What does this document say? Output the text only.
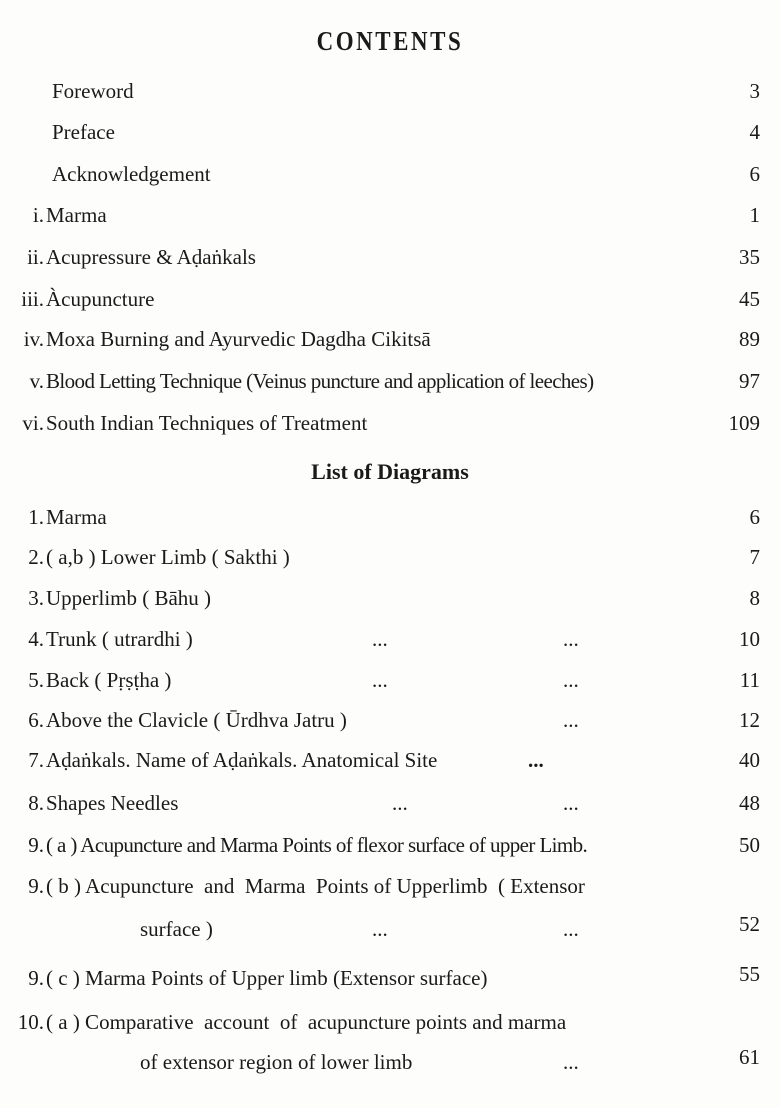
CONTENTS
Foreword	3
Preface	4
Acknowledgement	6
i. Marma	1
ii. Acupressure & Aḍaṅkals	35
iii. Àcupuncture	45
iv. Moxa Burning and Ayurvedic Dagdha Cikitsā	89
v. Blood Letting Technique (Veinus puncture and application of leeches)	97
vi. South Indian Techniques of Treatment	109
List of Diagrams
1. Marma	6
2. ( a,b ) Lower Limb ( Sakthi )	7
3. Upperlimb ( Bāhu )	8
4. Trunk ( utrardhi )	...	...	10
5. Back ( Pṛṣṭha )	...	...	11
6. Above the Clavicle ( Ūrdhva Jatru )	...	12
7. Aḍaṅkals. Name of Aḍaṅkals. Anatomical Site	...	40
8. Shapes Needles	...	...	48
9. ( a ) Acupuncture and Marma Points of flexor surface of upper Limb.	50
9. ( b ) Acupuncture  and  Marma  Points of Upperlimb  ( Extensor
surface )	...	...	52
9. ( c ) Marma Points of Upper limb (Extensor surface)	55
10. ( a ) Comparative  account  of  acupuncture points and marma
of extensor region of lower limb	...	61
